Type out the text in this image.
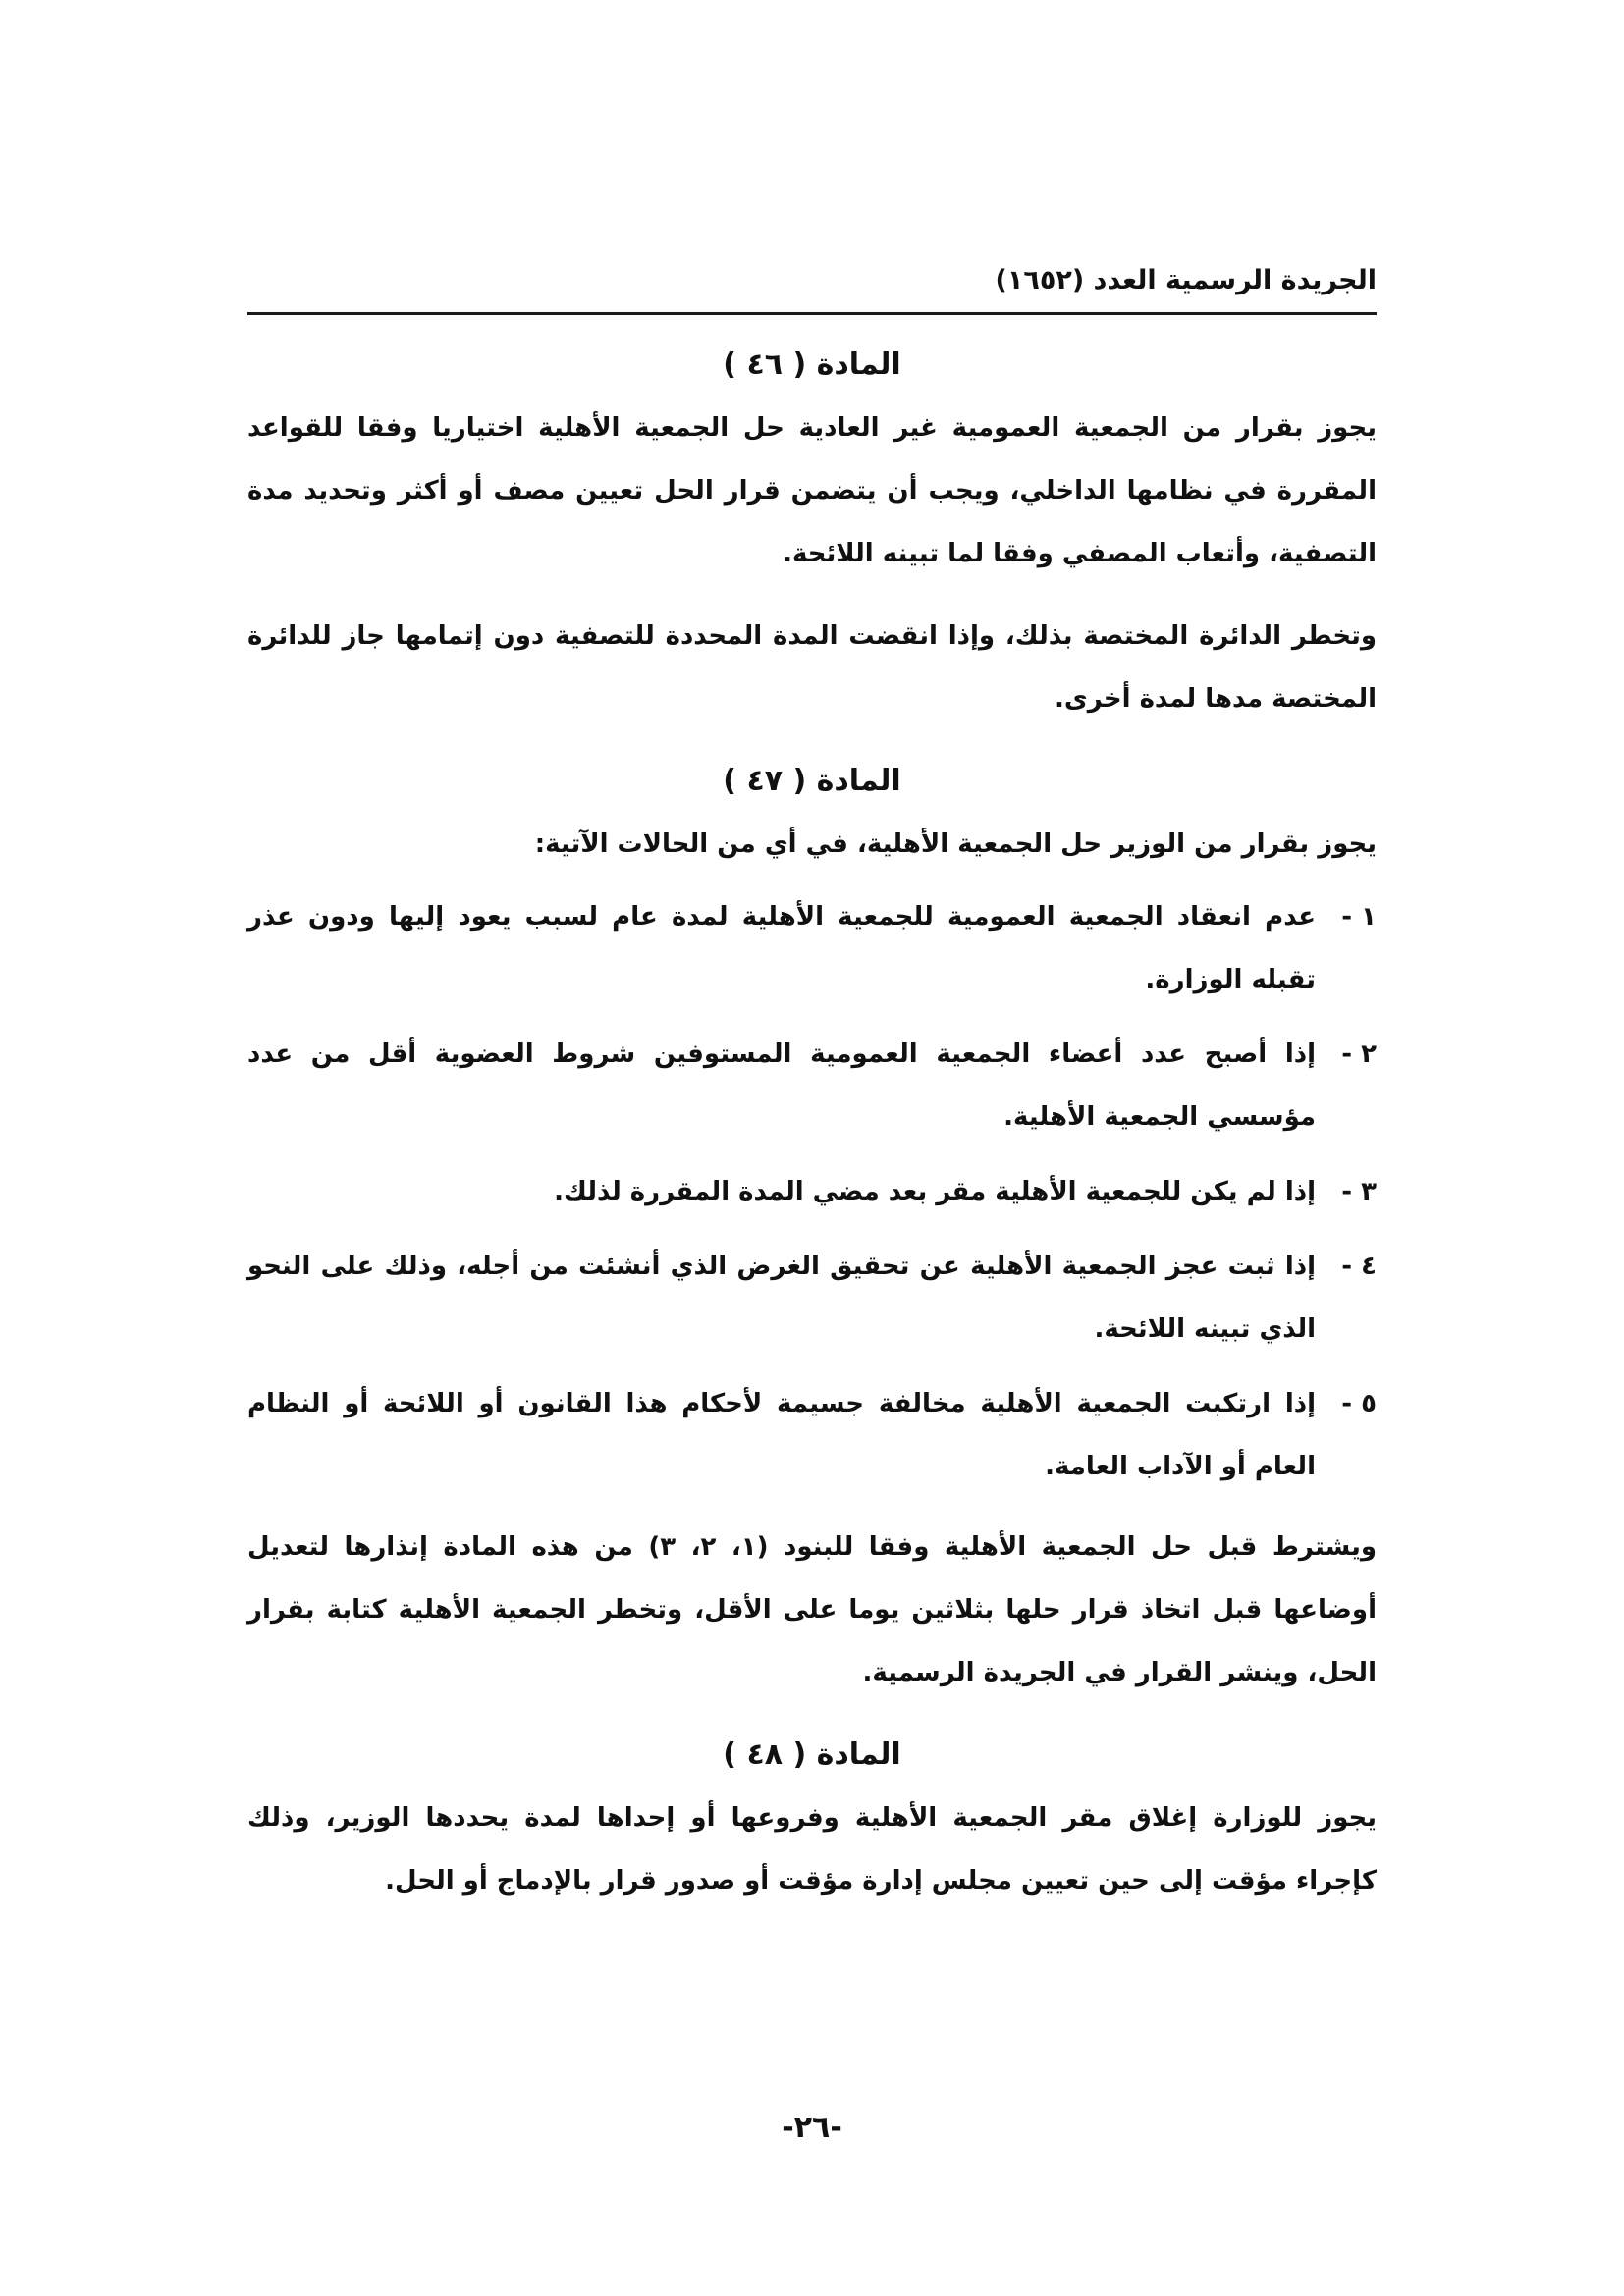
الجريدة الرسمية العدد (١٦٥٢)
المادة ( ٤٦ )

يجوز بقرار من الجمعية العمومية غير العادية حل الجمعية الأهلية اختياريا وفقا للقواعد المقررة في نظامها الداخلي، ويجب أن يتضمن قرار الحل تعيين مصف أو أكثر وتحديد مدة التصفية، وأتعاب المصفي وفقا لما تبينه اللائحة.

وتخطر الدائرة المختصة بذلك، وإذا انقضت المدة المحددة للتصفية دون إتمامها جاز للدائرة المختصة مدها لمدة أخرى.

المادة ( ٤٧ )

يجوز بقرار من الوزير حل الجمعية الأهلية، في أي من الحالات الآتية:

١ -
عدم انعقاد الجمعية العمومية للجمعية الأهلية لمدة عام لسبب يعود إليها ودون عذر تقبله الوزارة.
٢ -
إذا أصبح عدد أعضاء الجمعية العمومية المستوفين شروط العضوية أقل من عدد مؤسسي الجمعية الأهلية.
٣ -
إذا لم يكن للجمعية الأهلية مقر بعد مضي المدة المقررة لذلك.
٤ -
إذا ثبت عجز الجمعية الأهلية عن تحقيق الغرض الذي أنشئت من أجله، وذلك على النحو الذي تبينه اللائحة.
٥ -
إذا ارتكبت الجمعية الأهلية مخالفة جسيمة لأحكام هذا القانون أو اللائحة أو النظام العام أو الآداب العامة.

ويشترط قبل حل الجمعية الأهلية وفقا للبنود (١، ٢، ٣) من هذه المادة إنذارها لتعديل أوضاعها قبل اتخاذ قرار حلها بثلاثين يوما على الأقل، وتخطر الجمعية الأهلية كتابة بقرار الحل، وينشر القرار في الجريدة الرسمية.

المادة ( ٤٨ )

يجوز للوزارة إغلاق مقر الجمعية الأهلية وفروعها أو إحداها لمدة يحددها الوزير، وذلك كإجراء مؤقت إلى حين تعيين مجلس إدارة مؤقت أو صدور قرار بالإدماج أو الحل.

-٢٦-
